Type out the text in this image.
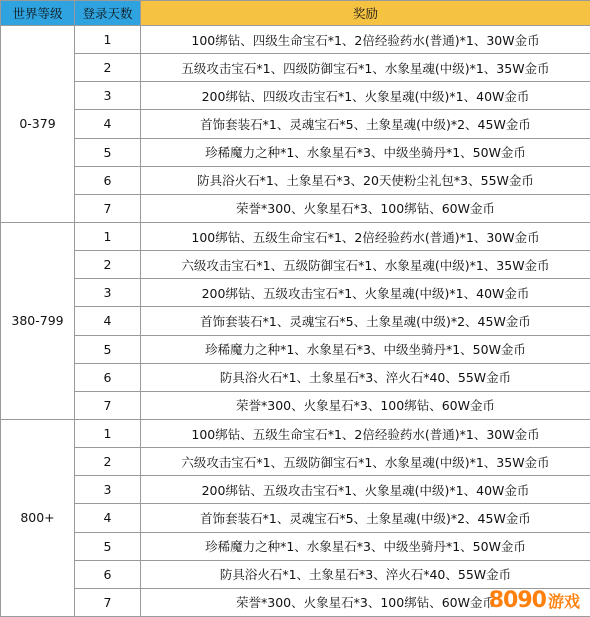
世界等级	登录天数	奖励
0-379	1	100绑钻、四级生命宝石*1、2倍经验药水(普通)*1、30W金币
	2	五级攻击宝石*1、四级防御宝石*1、水象星魂(中级)*1、35W金币
	3	200绑钻、四级攻击宝石*1、火象星魂(中级)*1、40W金币
	4	首饰套装石*1、灵魂宝石*5、土象星魂(中级)*2、45W金币
	5	珍稀魔力之种*1、水象星石*3、中级坐骑丹*1、50W金币
	6	防具浴火石*1、土象星石*3、20天使粉尘礼包*3、55W金币
	7	荣誉*300、火象星石*3、100绑钻、60W金币
380-799	1	100绑钻、五级生命宝石*1、2倍经验药水(普通)*1、30W金币
	2	六级攻击宝石*1、五级防御宝石*1、水象星魂(中级)*1、35W金币
	3	200绑钻、五级攻击宝石*1、火象星魂(中级)*1、40W金币
	4	首饰套装石*1、灵魂宝石*5、土象星魂(中级)*2、45W金币
	5	珍稀魔力之种*1、水象星石*3、中级坐骑丹*1、50W金币
	6	防具浴火石*1、土象星石*3、淬火石*40、55W金币
	7	荣誉*300、火象星石*3、100绑钻、60W金币
800+	1	100绑钻、五级生命宝石*1、2倍经验药水(普通)*1、30W金币
	2	六级攻击宝石*1、五级防御宝石*1、水象星魂(中级)*1、35W金币
	3	200绑钻、五级攻击宝石*1、火象星魂(中级)*1、40W金币
	4	首饰套装石*1、灵魂宝石*5、土象星魂(中级)*2、45W金币
	5	珍稀魔力之种*1、水象星石*3、中级坐骑丹*1、50W金币
	6	防具浴火石*1、土象星石*3、淬火石*40、55W金币
	7	荣誉*300、火象星石*3、100绑钻、60W金币
8090 游戏
